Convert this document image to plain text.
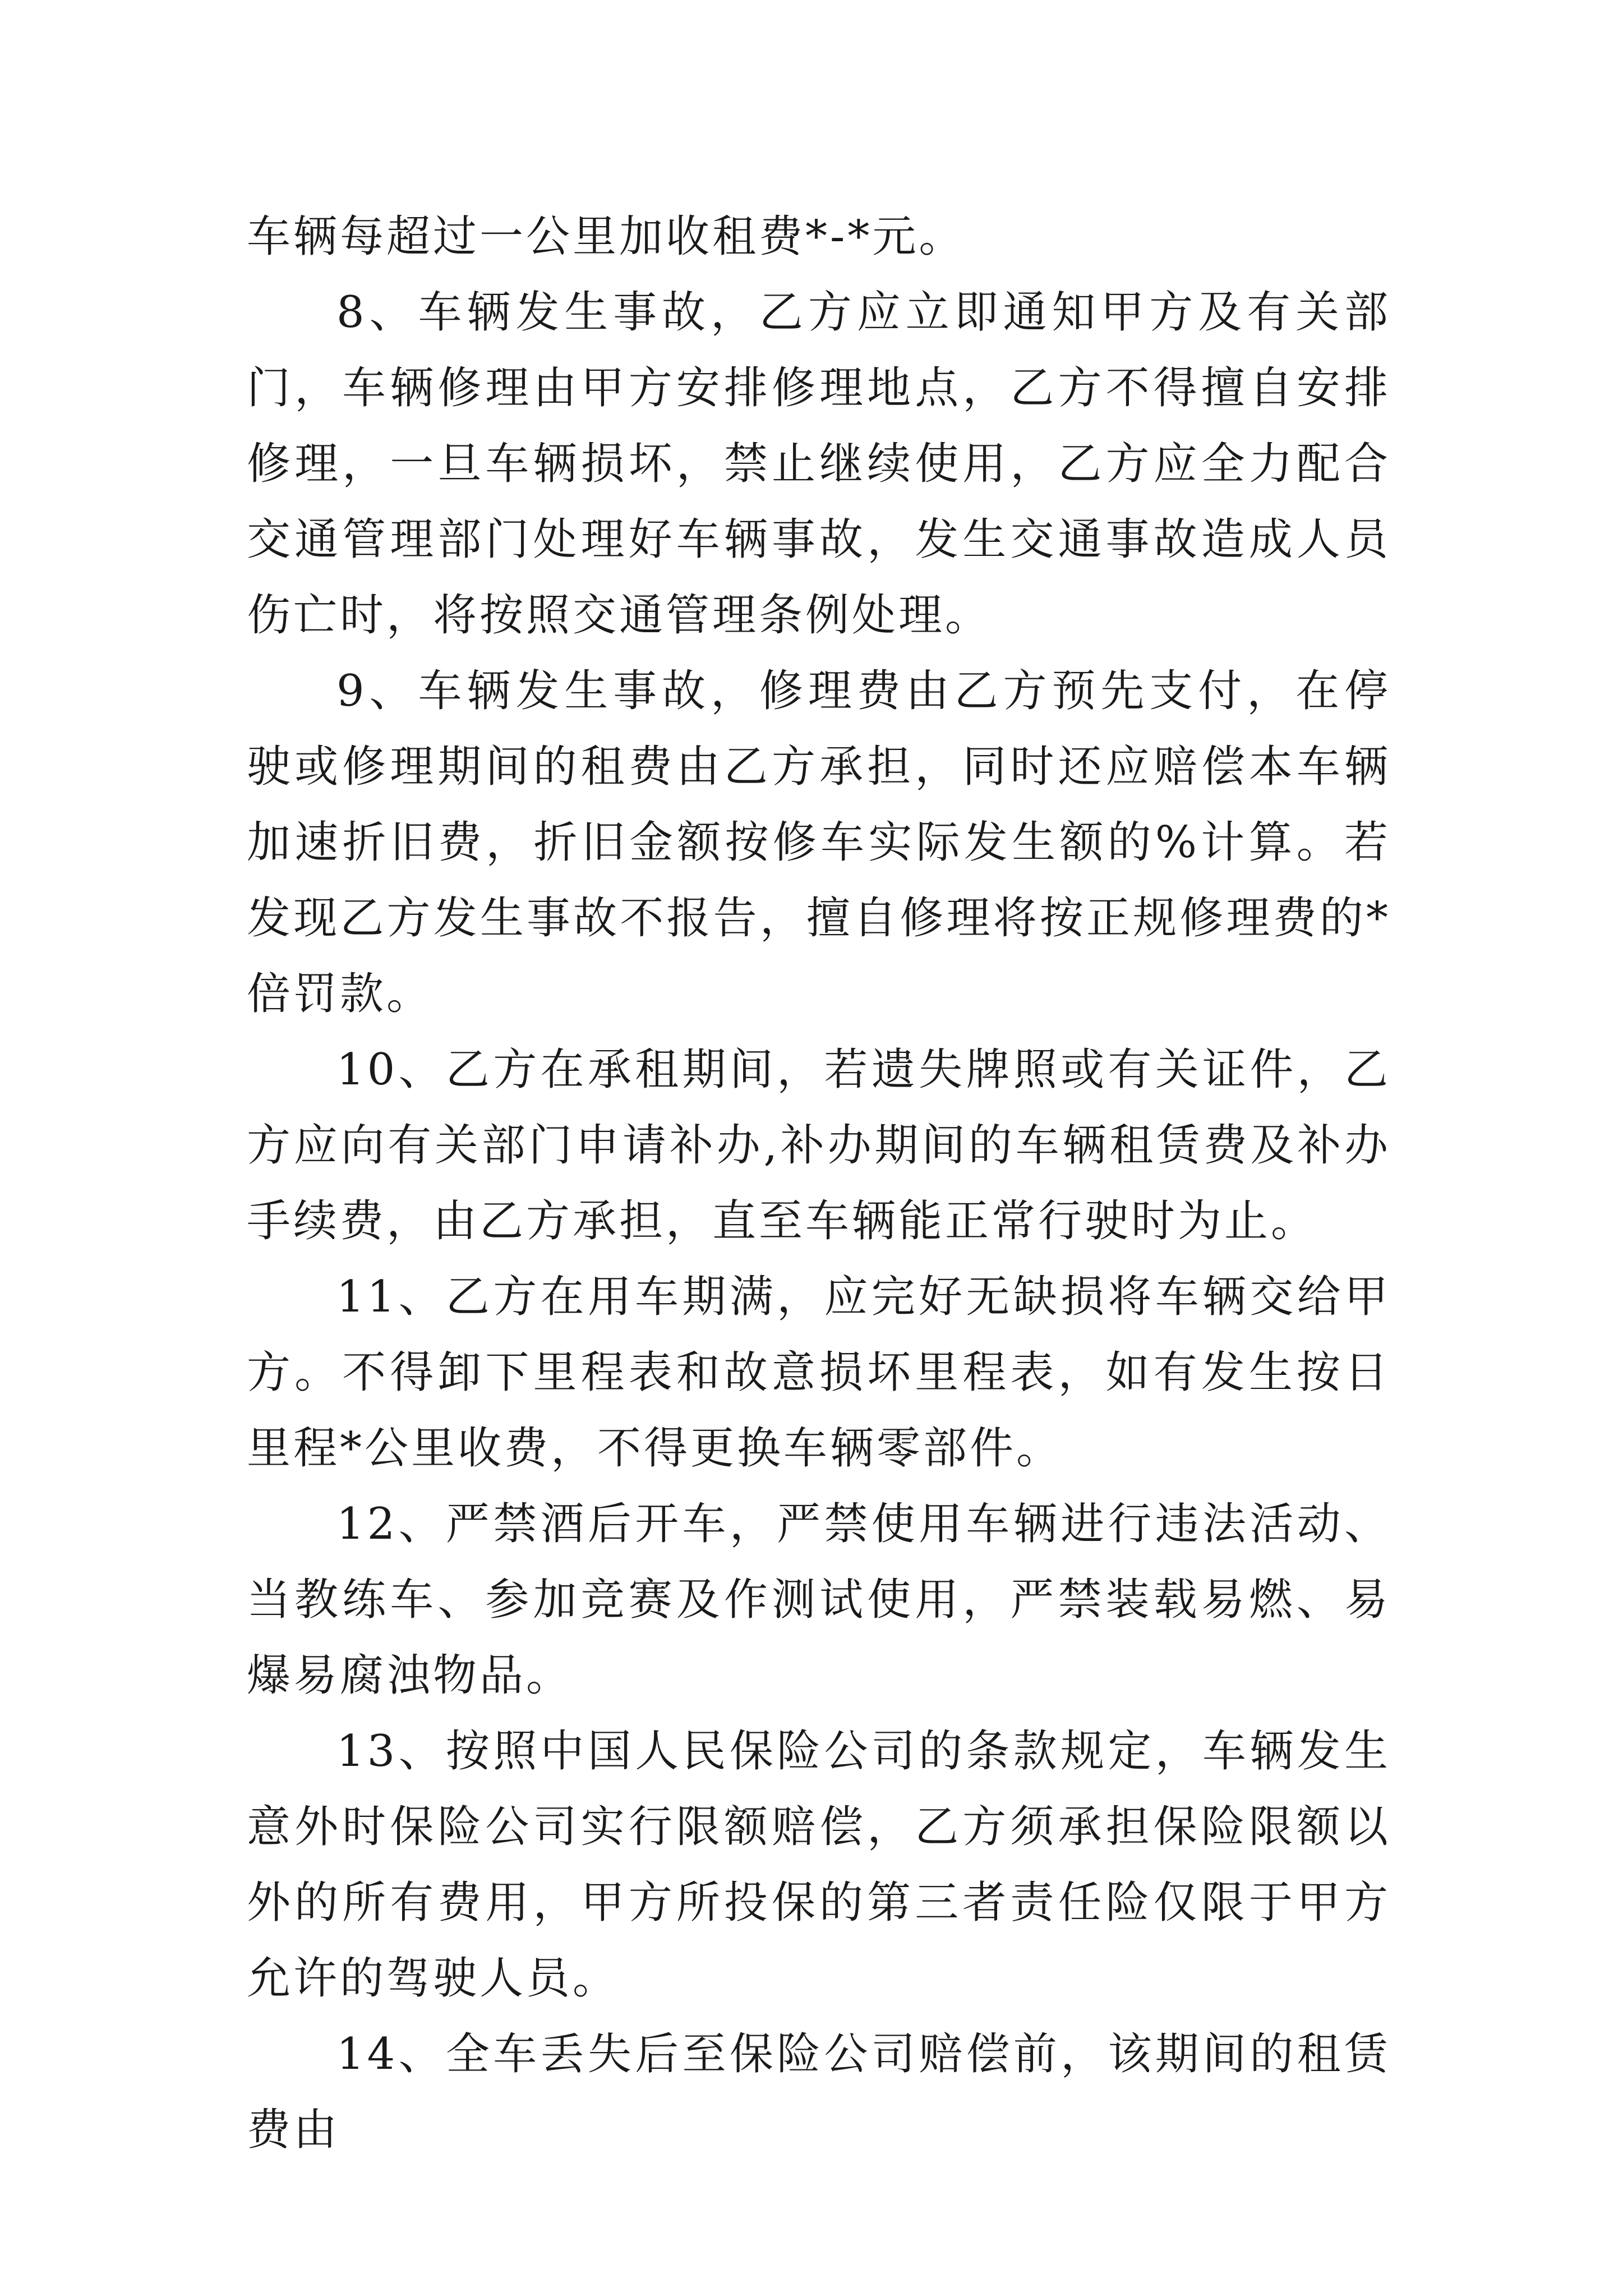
车辆每超过一公里加收租费*-*元。

8、车辆发生事故，乙方应立即通知甲方及有关部门，车辆修理由甲方安排修理地点，乙方不得擅自安排修理，一旦车辆损坏，禁止继续使用，乙方应全力配合交通管理部门处理好车辆事故，发生交通事故造成人员伤亡时，将按照交通管理条例处理。

9、车辆发生事故，修理费由乙方预先支付，在停驶或修理期间的租费由乙方承担，同时还应赔偿本车辆加速折旧费，折旧金额按修车实际发生额的%计算。若发现乙方发生事故不报告，擅自修理将按正规修理费的*倍罚款。

10、乙方在承租期间，若遗失牌照或有关证件，乙方应向有关部门申请补办,补办期间的车辆租赁费及补办手续费，由乙方承担，直至车辆能正常行驶时为止。

11、乙方在用车期满，应完好无缺损将车辆交给甲方。不得卸下里程表和故意损坏里程表，如有发生按日里程*公里收费，不得更换车辆零部件。

12、严禁酒后开车，严禁使用车辆进行违法活动、当教练车、参加竞赛及作测试使用，严禁装载易燃、易爆易腐浊物品。

13、按照中国人民保险公司的条款规定，车辆发生意外时保险公司实行限额赔偿，乙方须承担保险限额以外的所有费用，甲方所投保的第三者责任险仅限于甲方允许的驾驶人员。

14、全车丢失后至保险公司赔偿前，该期间的租赁费由
